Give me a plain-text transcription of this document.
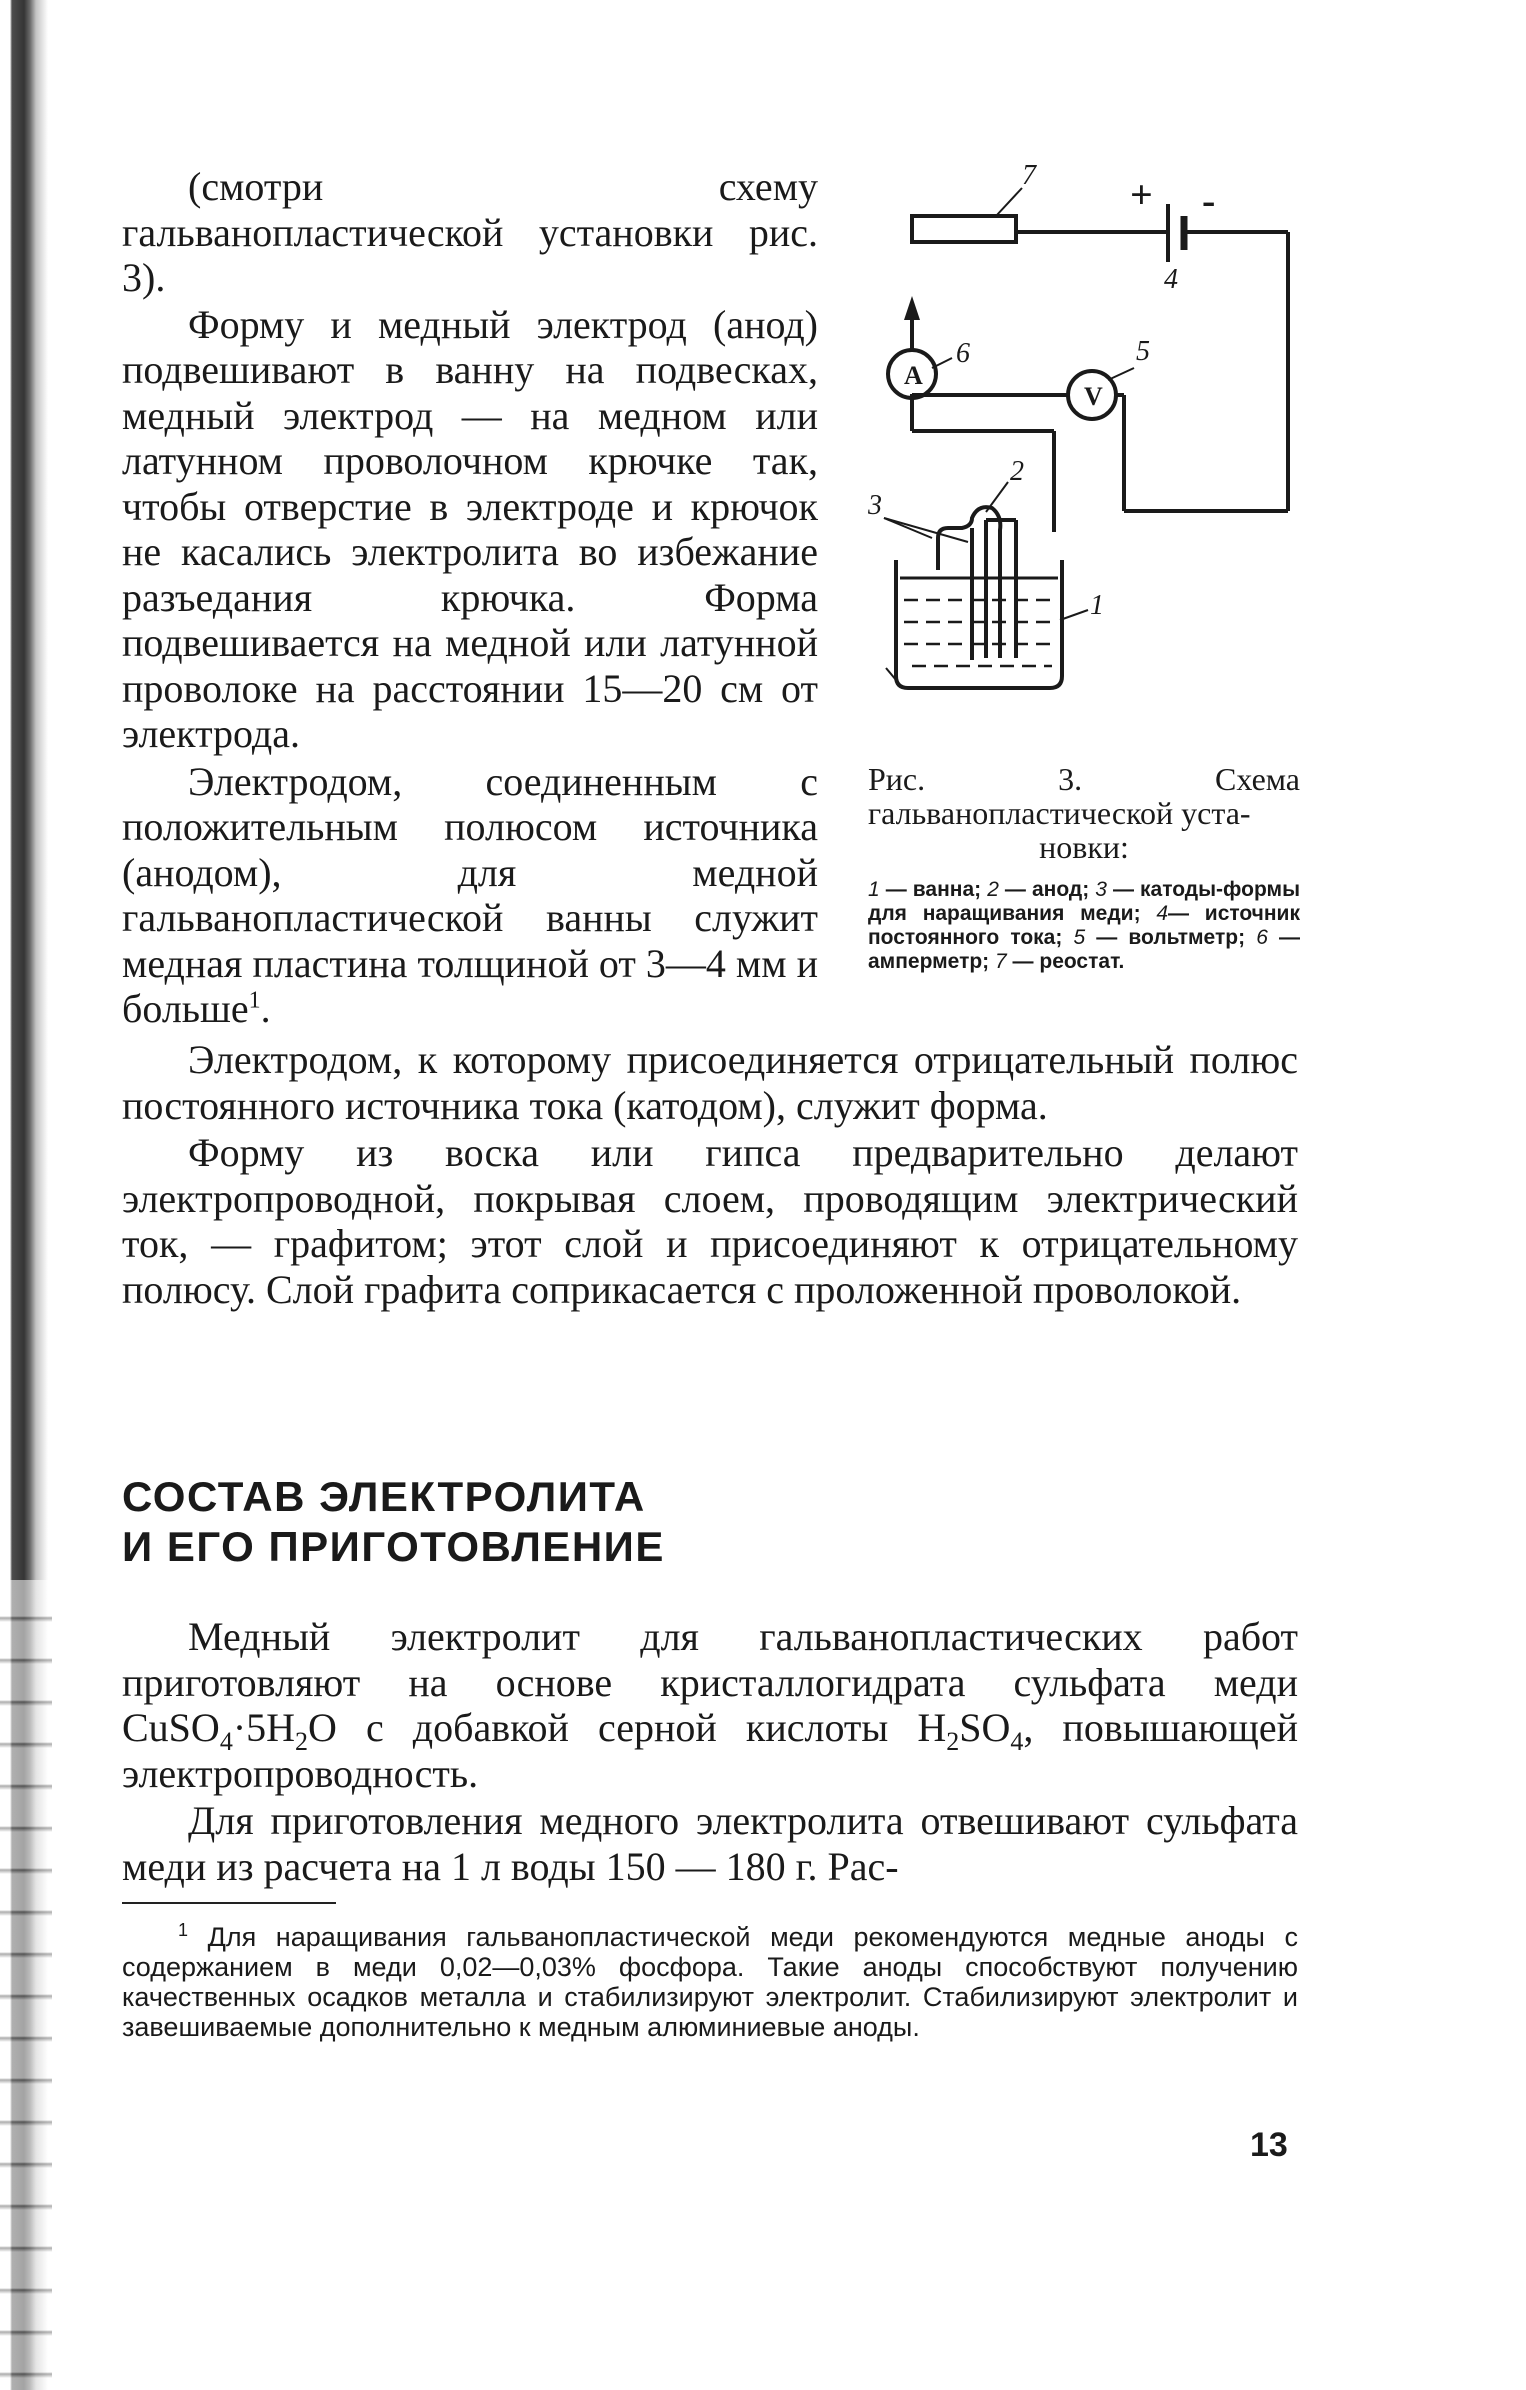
(смотри схему гальванопластической установки рис. 3).

Форму и медный электрод (анод) подвешивают в ванну на подвесках, медный электрод — на медном или латунном проволочном крючке так, чтобы отверстие в электроде и крючок не касались электролита во избежание разъедания крючка. Форма подвешивается на медной или латунной проволоке на расстоянии 15—20 см от электрода.

Электродом, соединенным с положительным полюсом источника (анодом), для медной гальванопластической ванны служит медная пластина толщиной от 3—4 мм и больше$^1$.

Электродом, к которому присоединяется отрицательный полюс постоянного источника тока (катодом), служит форма.

Форму из воска или гипса предварительно делают электропроводной, покрывая слоем, проводящим электрический ток, — графитом; этот слой и присоединяют к отрицательному полюсу. Слой графита соприкасается с проложенной проволокой.

СОСТАВ ЭЛЕКТРОЛИТА
И ЕГО ПРИГОТОВЛЕНИЕ

Медный электролит для гальванопластических работ приготовляют на основе кристаллогидрата сульфата меди $CuSO_4\cdot 5H_2O$ с добавкой серной кислоты $H_2SO_4$, повышающей электропроводность.

Для приготовления медного электролита отвешивают сульфата меди из расчета на 1 л воды 150 — 180 г. Рас-

7 + -
4
6	5
A
V
2
3
1

Рис. 3. Схема гальванопластической уста-
новки:

1 — ванна; 2 — анод; 3 — катоды-формы для наращивания меди; 4— источник постоянного тока; 5 — вольтметр; 6 — амперметр; 7 — реостат.

$^1$ Для наращивания гальванопластической меди рекомендуются медные аноды с содержанием в меди 0,02—0,03% фосфора. Такие аноды способствуют получению качественных осадков металла и стабилизируют электролит. Стабилизируют электролит и завешиваемые дополнительно к медным алюминиевые аноды.

13
